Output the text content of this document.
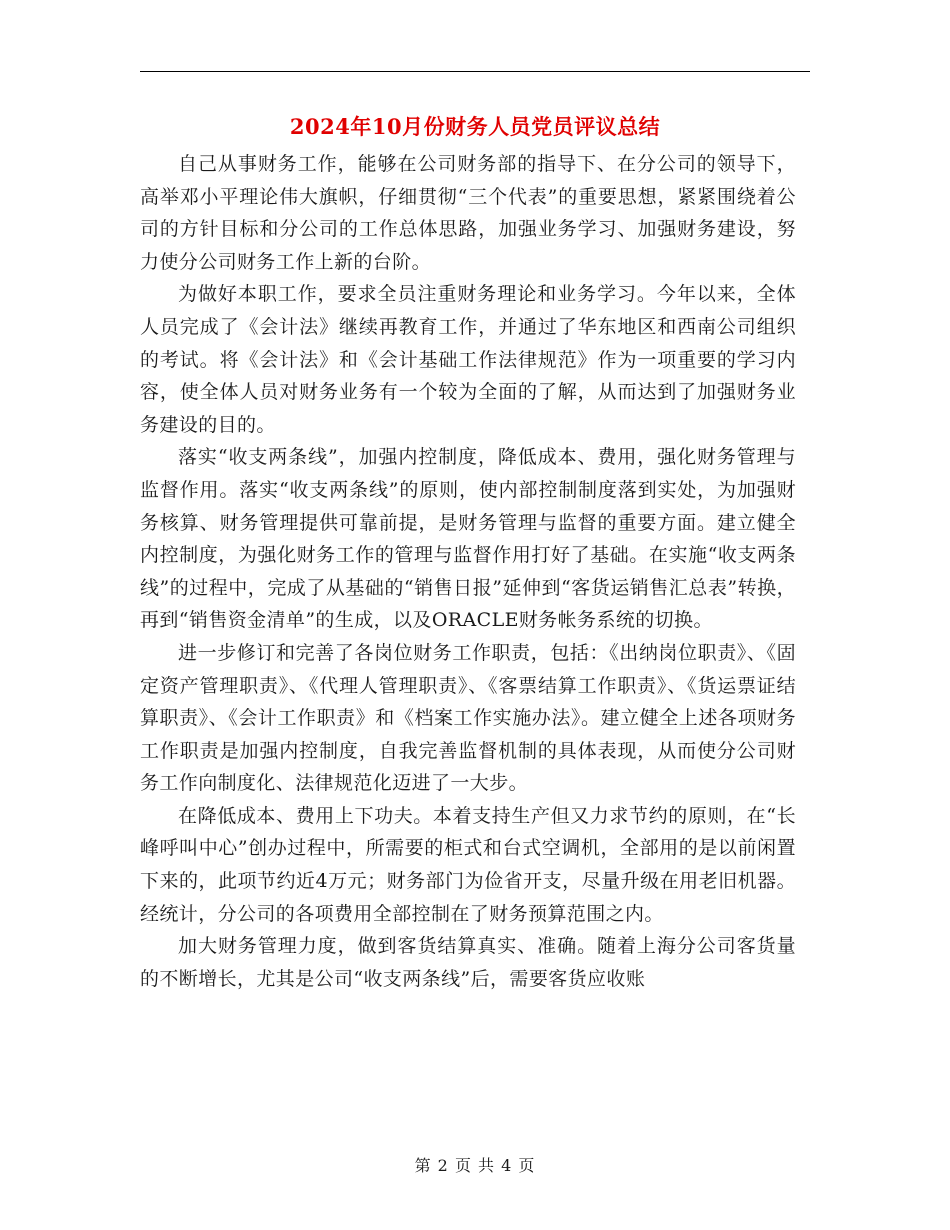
2024年10月份财务人员党员评议总结

自己从事财务工作，能够在公司财务部的指导下、在分公司的领导下，高举邓小平理论伟大旗帜，仔细贯彻“三个代表”的重要思想，紧紧围绕着公司的方针目标和分公司的工作总体思路，加强业务学习、加强财务建设，努力使分公司财务工作上新的台阶。

为做好本职工作，要求全员注重财务理论和业务学习。今年以来，全体人员完成了《会计法》继续再教育工作，并通过了华东地区和西南公司组织的考试。将《会计法》和《会计基础工作法律规范》作为一项重要的学习内容，使全体人员对财务业务有一个较为全面的了解，从而达到了加强财务业务建设的目的。

落实“收支两条线”，加强内控制度，降低成本、费用，强化财务管理与监督作用。落实“收支两条线”的原则，使内部控制制度落到实处，为加强财务核算、财务管理提供可靠前提，是财务管理与监督的重要方面。建立健全内控制度，为强化财务工作的管理与监督作用打好了基础。在实施“收支两条线”的过程中，完成了从基础的“销售日报”延伸到“客货运销售汇总表”转换，再到“销售资金清单”的生成，以及ORACLE财务帐务系统的切换。

进一步修订和完善了各岗位财务工作职责，包括：《出纳岗位职责》、《固定资产管理职责》、《代理人管理职责》、《客票结算工作职责》、《货运票证结算职责》、《会计工作职责》和《档案工作实施办法》。建立健全上述各项财务工作职责是加强内控制度，自我完善监督机制的具体表现，从而使分公司财务工作向制度化、法律规范化迈进了一大步。

在降低成本、费用上下功夫。本着支持生产但又力求节约的原则，在“长峰呼叫中心”创办过程中，所需要的柜式和台式空调机，全部用的是以前闲置下来的，此项节约近4万元；财务部门为俭省开支，尽量升级在用老旧机器。经统计，分公司的各项费用全部控制在了财务预算范围之内。

加大财务管理力度，做到客货结算真实、准确。随着上海分公司客货量的不断增长，尤其是公司“收支两条线”后，需要客货应收账

第 2 页 共 4 页
